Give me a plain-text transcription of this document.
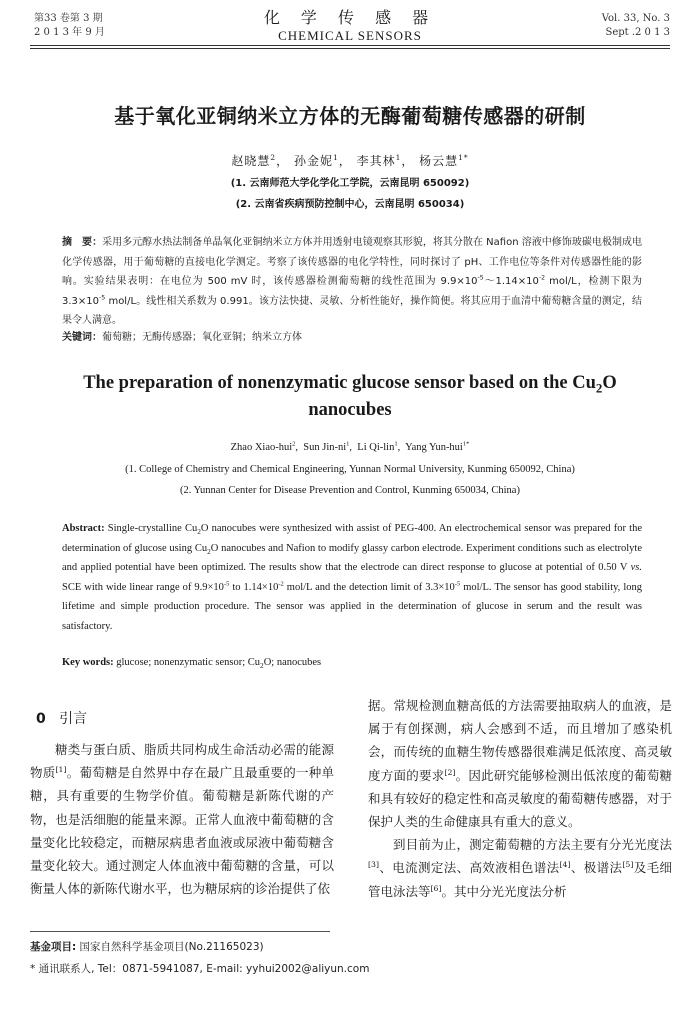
第33 卷第 3 期
2 0 1 3 年 9 月
化 学 传 感 器
CHEMICAL SENSORS
Vol. 33, No. 3
Sept .2 0 1 3
基于氧化亚铜纳米立方体的无酶葡萄糖传感器的研制
赵晓慧$^2$， 孙金妮$^1$， 李其林$^1$， 杨云慧$^{1*}$
(1. 云南师范大学化学化工学院，云南昆明 650092)
(2. 云南省疾病预防控制中心，云南昆明 650034)
摘　要：采用多元醇水热法制备单晶氧化亚铜纳米立方体并用透射电镜观察其形貌，将其分散在 Nafion 溶液中修饰玻碳电极制成电化学传感器，用于葡萄糖的直接电化学测定。考察了该传感器的电化学特性，同时探讨了 pH、工作电位等条件对传感器性能的影响。实验结果表明：在电位为 500 mV 时，该传感器检测葡萄糖的线性范围为 $9.9\times 10^{-5}\sim 1.14\times 10^{-2}$ mol/L，检测下限为 $3.3\times 10^{-5}$ mol/L。线性相关系数为 0.991。该方法快捷、灵敏、分析性能好，操作简便。将其应用于血清中葡萄糖含量的测定，结果令人满意。
关键词：葡萄糖；无酶传感器；氧化亚铜；纳米立方体
The preparation of nonenzymatic glucose sensor based on the $Cu_2O$
nanocubes
Zhao Xiao-hui$^2$,  Sun Jin-$ni^1$,  Li Qi-lin$^1$,  Yang Yun-hui$^{1*}$
(1. College of Chemistry and Chemical Engineering, Yunnan Normal University, Kunming 650092, China)
(2. Yunnan Center for Disease Prevention and Control, Kunming 650034, China)
Abstract: Single-crystalline $Cu_2O$ nanocubes were synthesized with assist of PEG-400. An electrochemical sensor was prepared for the determination of glucose using $Cu_2O$ nanocubes and Nafion to modify glassy carbon electrode. Experiment conditions such as electrolyte and applied potential have been optimized. The results show that the electrode can direct response to glucose at potential of 0.50 V vs. SCE with wide linear range of $9.9\times 10^{-5}$ to $1.14\times 10^{-2}$ mol/L and the detection limit of $3.3\times 10^{-5}$ mol/L. The sensor has good stability, long lifetime and simple production procedure. The sensor was applied in the determination of glucose in serum and the result was satisfactory.
Key words: glucose; nonenzymatic sensor; $Cu_2O$; nanocubes
0 引言

糖类与蛋白质、脂质共同构成生命活动必需的能源物质[1]。葡萄糖是自然界中存在最广且最重要的一种单糖，具有重要的生物学价值。葡萄糖是新陈代谢的产物，也是活细胞的能量来源。正常人血液中葡萄糖的含量变化比较稳定，而糖尿病患者血液或尿液中葡萄糖含量变化较大。通过测定人体血液中葡萄糖的含量，可以衡量人体的新陈代谢水平，也为糖尿病的诊治提供了依

据。常规检测血糖高低的方法需要抽取病人的血液，是属于有创探测，病人会感到不适，而且增加了感染机会，而传统的血糖生物传感器很难满足低浓度、高灵敏度方面的要求[2]。因此研究能够检测出低浓度的葡萄糖和具有较好的稳定性和高灵敏度的葡萄糖传感器，对于保护人类的生命健康具有重大的意义。

到目前为止，测定葡萄糖的方法主要有分光光度法[3]、电流测定法、高效液相色谱法[4]、极谱法[5]及毛细管电泳法等[6]。其中分光光度法分析

基金项目: 国家自然科学基金项目(No.21165023)
* 通讯联系人, Tel：0871-5941087, E-mail: yyhui2002@aliyun.com
